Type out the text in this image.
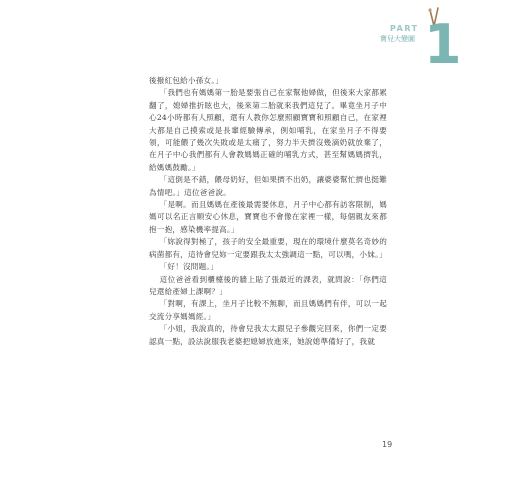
PART
寶兒大變圖 1

後撥紅包給小孫女。」

「我們也有媽媽第一胎是要張自己在家幫他婦做，但後來大家都累翻了，媳婦推折眩也大，後來第二胎就來我們這兒了。畢竟坐月子中心24小時都有人照顧，還有人教你怎麼照顧寶寶和照顧自己，在家裡大都是自己摸索或是長輩經驗傳承，例如哺乳，在家坐月子不得要領，可能餵了幾次失敗或是太痛了，努力半天擠沒幾滴奶就放棄了，在月子中心我們都有人會教媽媽正確的哺乳方式，甚至幫媽媽擠乳，給媽媽鼓勵。」

「這倒是不錯，餵母奶好，但如果擠不出奶，讓婆婆幫忙擠也挺難為情吧。」這位爸爸說。

「是啊。而且媽媽在產後最需要休息，月子中心都有訪客限制，媽媽可以名正言順安心休息，寶寶也不會像在家裡一樣，每個親友來都抱一抱，感染機率提高。」

「妳說得對極了，孩子的安全最重要，現在的環境什麼莫名奇妙的病菌都有，這待會兒妳一定要跟我太太強調這一點，可以嗎，小妹。」

「好！沒問題。」

這位爸爸看到櫃檯後的牆上貼了張最近的課表，就問說：「你們這兒還給產婦上課啊？」

「對啊，有課上，坐月子比較不無聊，而且媽媽們有伴，可以一起交流分享媽媽經。」

「小姐，我說真的，待會兒我太太跟兒子參觀完回來，你們一定要認真一點，設法說服我老婆把媳婦放進來，她說媳準備好了，我就

19
